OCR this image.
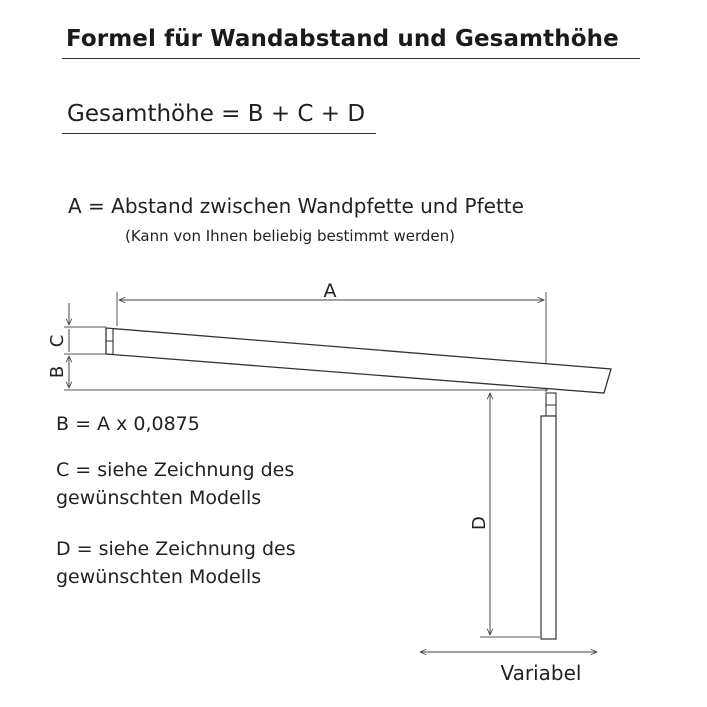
Formel für Wandabstand und Gesamthöhe
Gesamthöhe = B + C + D
A = Abstand zwischen Wandpfette und Pfette
(Kann von Ihnen beliebig bestimmt werden)
B = A x 0,0875
C = siehe Zeichnung des
gewünschten Modells
D = siehe Zeichnung des
gewünschten Modells
A
C
B
D
Variabel
